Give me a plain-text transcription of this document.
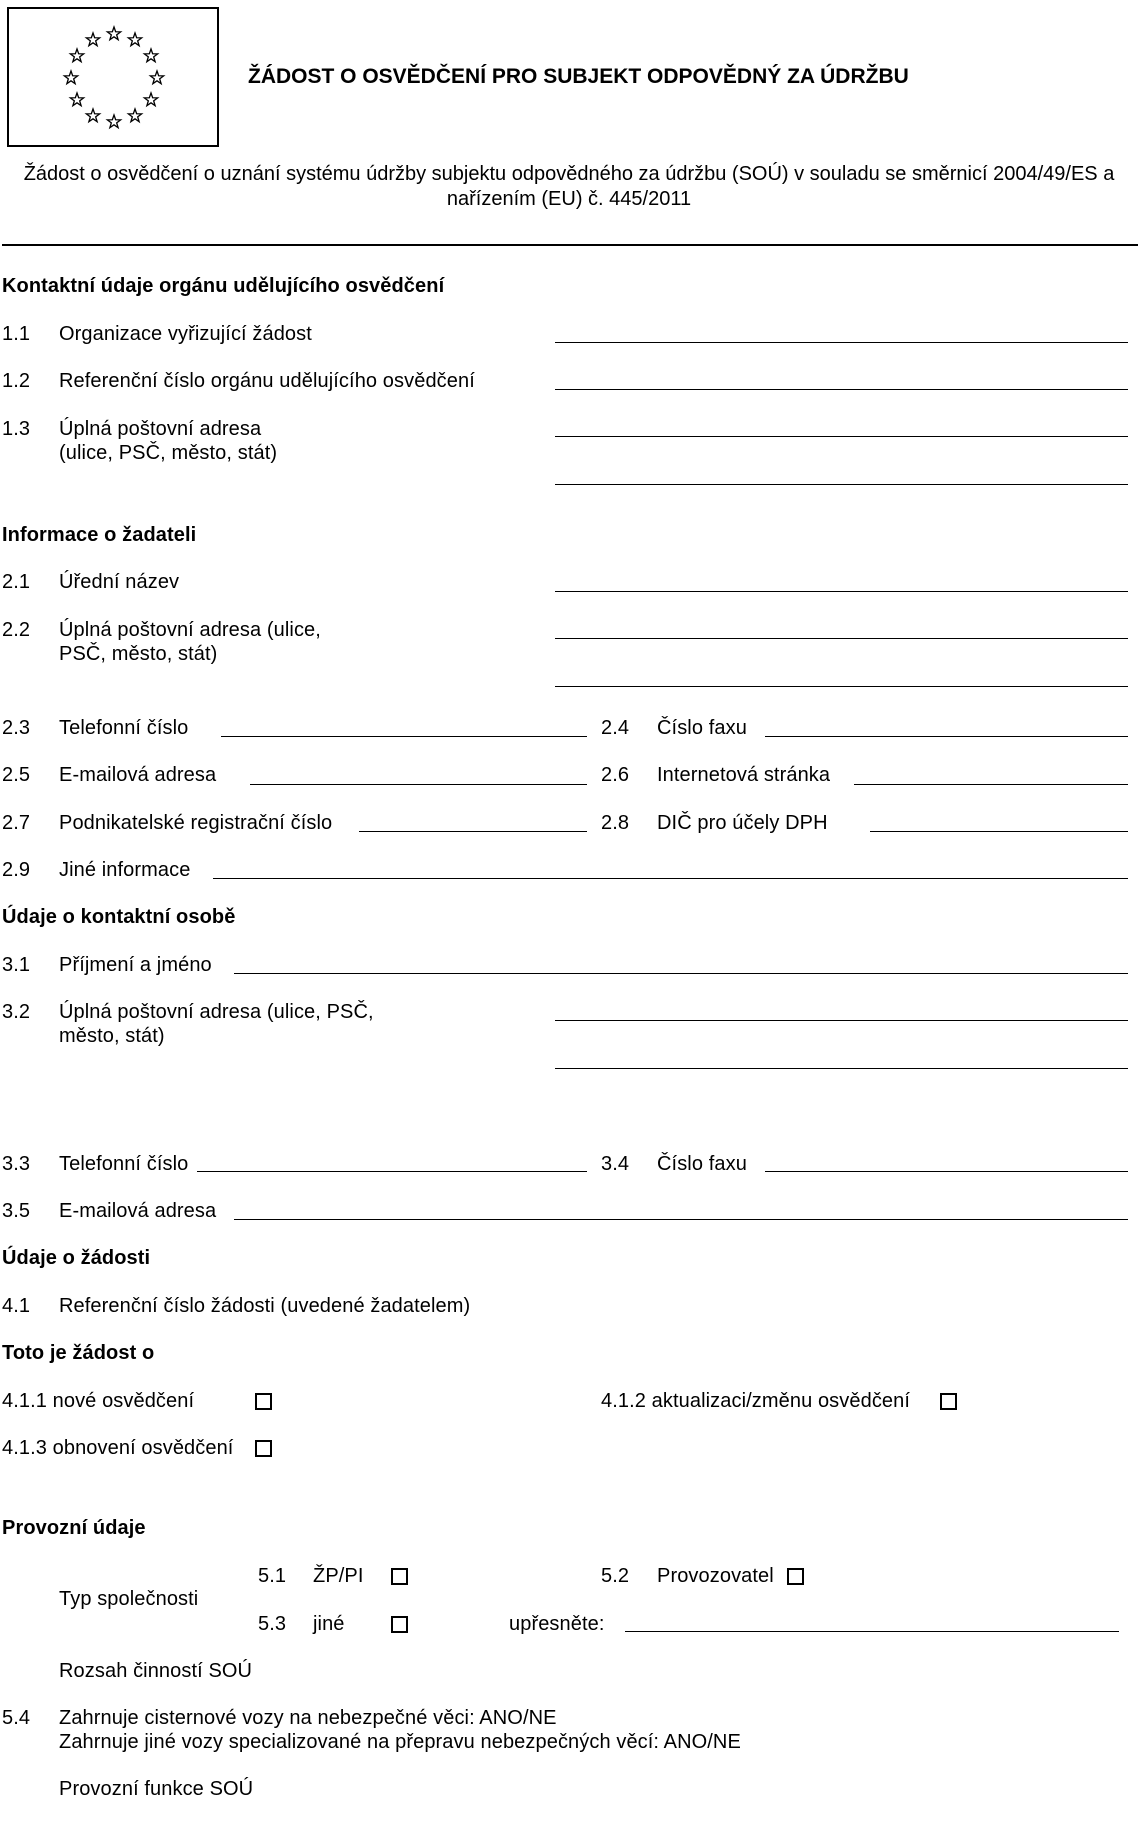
ŽÁDOST O OSVĚDČENÍ PRO SUBJEKT ODPOVĚDNÝ ZA ÚDRŽBU
Žádost o osvědčení o uznání systému údržby subjektu odpovědného za údržbu (SOÚ) v souladu se směrnicí 2004/49/ES a
nařízením (EU) č. 445/2011
Kontaktní údaje orgánu udělujícího osvědčení
1.1 Organizace vyřizující žádost
1.2 Referenční číslo orgánu udělujícího osvědčení
1.3 Úplná poštovní adresa
(ulice, PSČ, město, stát)
Informace o žadateli
2.1 Úřední název
2.2 Úplná poštovní adresa (ulice,
PSČ, město, stát)
2.3 Telefonní číslo	2.4 Číslo faxu
2.5 E-mailová adresa	2.6 Internetová stránka
2.7 Podnikatelské registrační číslo	2.8 DIČ pro účely DPH
2.9 Jiné informace
Údaje o kontaktní osobě
3.1 Příjmení a jméno
3.2 Úplná poštovní adresa (ulice, PSČ,
město, stát)
3.3 Telefonní číslo	3.4 Číslo faxu
3.5 E-mailová adresa
Údaje o žádosti
4.1 Referenční číslo žádosti (uvedené žadatelem)
Toto je žádost o
4.1.1 nové osvědčení	4.1.2 aktualizaci/změnu osvědčení
4.1.3 obnovení osvědčení
Provozní údaje
Typ společnosti
5.1 ŽP/PI	5.2 Provozovatel
5.3 jiné	upřesněte:
Rozsah činností SOÚ
5.4 Zahrnuje cisternové vozy na nebezpečné věci: ANO/NE
Zahrnuje jiné vozy specializované na přepravu nebezpečných věcí: ANO/NE
Provozní funkce SOÚ
